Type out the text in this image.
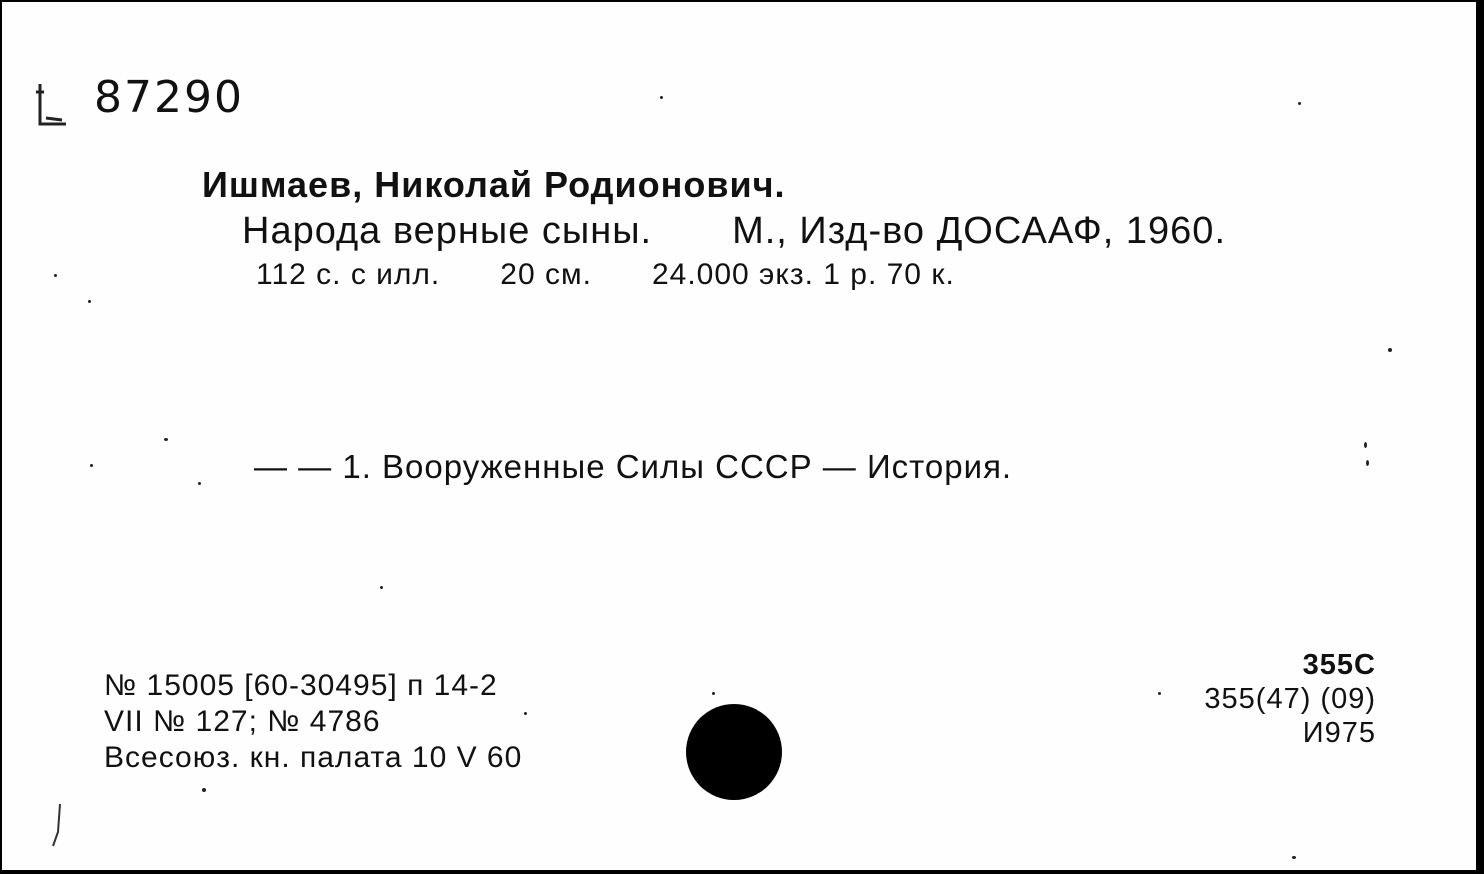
87290
Ишмаев, Николай Родионович.
Народа верные сыны. М., Изд-во ДОСААФ, 1960.
112 с. с илл. 20 см. 24.000 экз. 1 р. 70 к.
— — 1. Вооруженные Силы СССР — История.
№ 15005 [60-30495] п 14-2
VII № 127; № 4786
Всесоюз. кн. палата 10 V 60
355С
355(47) (09)
И975
